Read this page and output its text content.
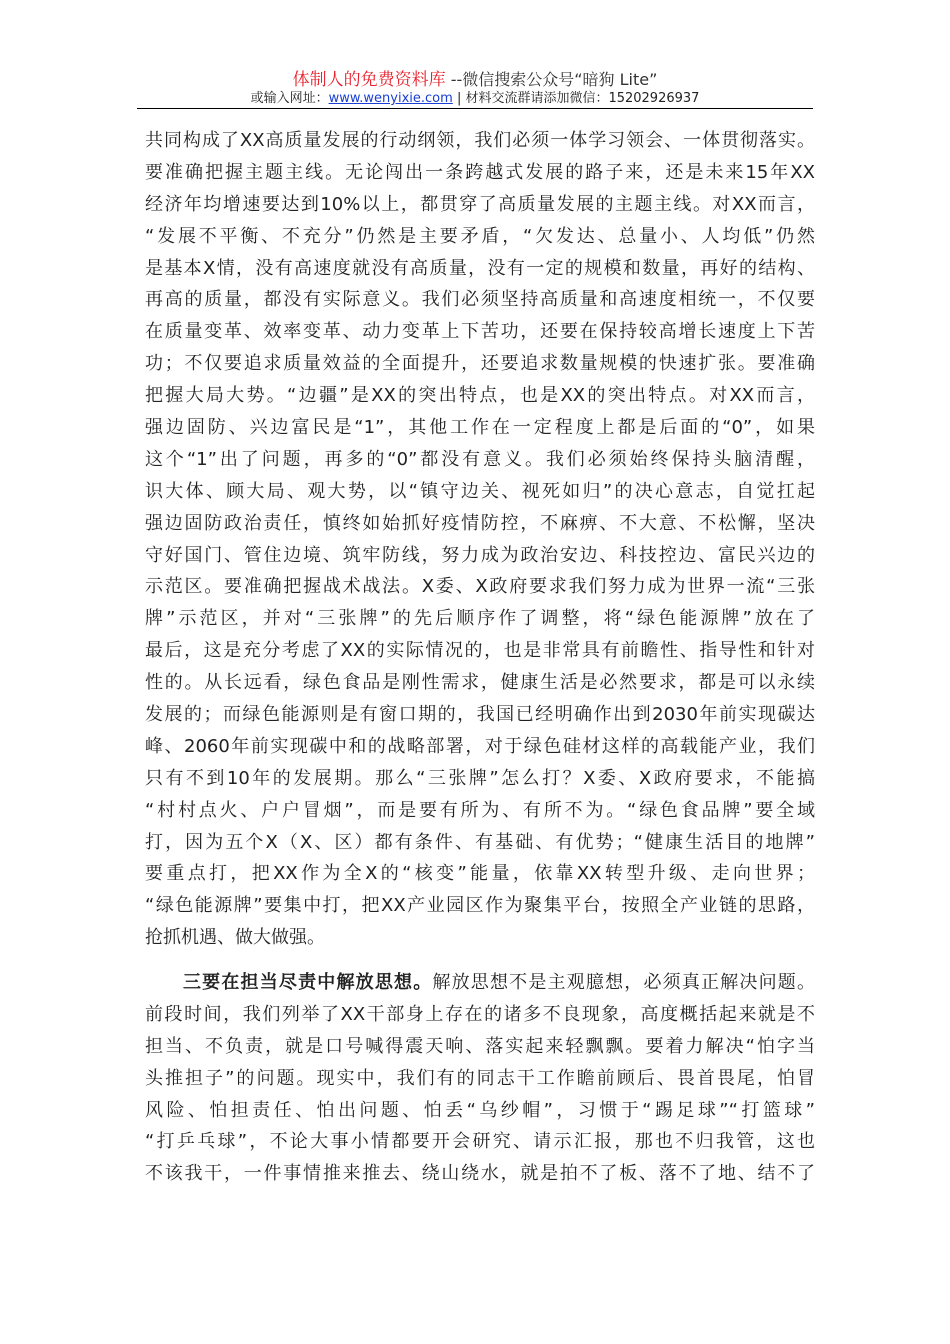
体制人的免费资料库 --微信搜索公众号“暗狗 Lite”
或输入网址：www.wenyixie.com | 材料交流群请添加微信：15202926937
共同构成了XX高质量发展的行动纲领，我们必须一体学习领会、一体贯彻落实。
要准确把握主题主线。无论闯出一条跨越式发展的路子来，还是未来15年XX
经济年均增速要达到10%以上，都贯穿了高质量发展的主题主线。对XX而言，
“发展不平衡、不充分”仍然是主要矛盾，“欠发达、总量小、人均低”仍然
是基本X情，没有高速度就没有高质量，没有一定的规模和数量，再好的结构、
再高的质量，都没有实际意义。我们必须坚持高质量和高速度相统一，不仅要
在质量变革、效率变革、动力变革上下苦功，还要在保持较高增长速度上下苦
功；不仅要追求质量效益的全面提升，还要追求数量规模的快速扩张。要准确
把握大局大势。“边疆”是XX的突出特点，也是XX的突出特点。对XX而言，
强边固防、兴边富民是“1”，其他工作在一定程度上都是后面的“0”，如果
这个“1”出了问题，再多的“0”都没有意义。我们必须始终保持头脑清醒，
识大体、顾大局、观大势，以“镇守边关、视死如归”的决心意志，自觉扛起
强边固防政治责任，慎终如始抓好疫情防控，不麻痹、不大意、不松懈，坚决
守好国门、管住边境、筑牢防线，努力成为政治安边、科技控边、富民兴边的
示范区。要准确把握战术战法。X委、X政府要求我们努力成为世界一流“三张
牌”示范区，并对“三张牌”的先后顺序作了调整，将“绿色能源牌”放在了
最后，这是充分考虑了XX的实际情况的，也是非常具有前瞻性、指导性和针对
性的。从长远看，绿色食品是刚性需求，健康生活是必然要求，都是可以永续
发展的；而绿色能源则是有窗口期的，我国已经明确作出到2030年前实现碳达
峰、2060年前实现碳中和的战略部署，对于绿色硅材这样的高载能产业，我们
只有不到10年的发展期。那么“三张牌”怎么打？X委、X政府要求，不能搞
“村村点火、户户冒烟”，而是要有所为、有所不为。“绿色食品牌”要全域
打，因为五个X（X、区）都有条件、有基础、有优势；“健康生活目的地牌”
要重点打，把XX作为全X的“核变”能量，依靠XX转型升级、走向世界；
“绿色能源牌”要集中打，把XX产业园区作为聚集平台，按照全产业链的思路，
抢抓机遇、做大做强。
三要在担当尽责中解放思想。解放思想不是主观臆想，必须真正解决问题。
前段时间，我们列举了XX干部身上存在的诸多不良现象，高度概括起来就是不
担当、不负责，就是口号喊得震天响、落实起来轻飘飘。要着力解决“怕字当
头推担子”的问题。现实中，我们有的同志干工作瞻前顾后、畏首畏尾，怕冒
风险、怕担责任、怕出问题、怕丢“乌纱帽”，习惯于“踢足球”“打篮球”
“打乒乓球”，不论大事小情都要开会研究、请示汇报，那也不归我管，这也
不该我干，一件事情推来推去、绕山绕水，就是拍不了板、落不了地、结不了
